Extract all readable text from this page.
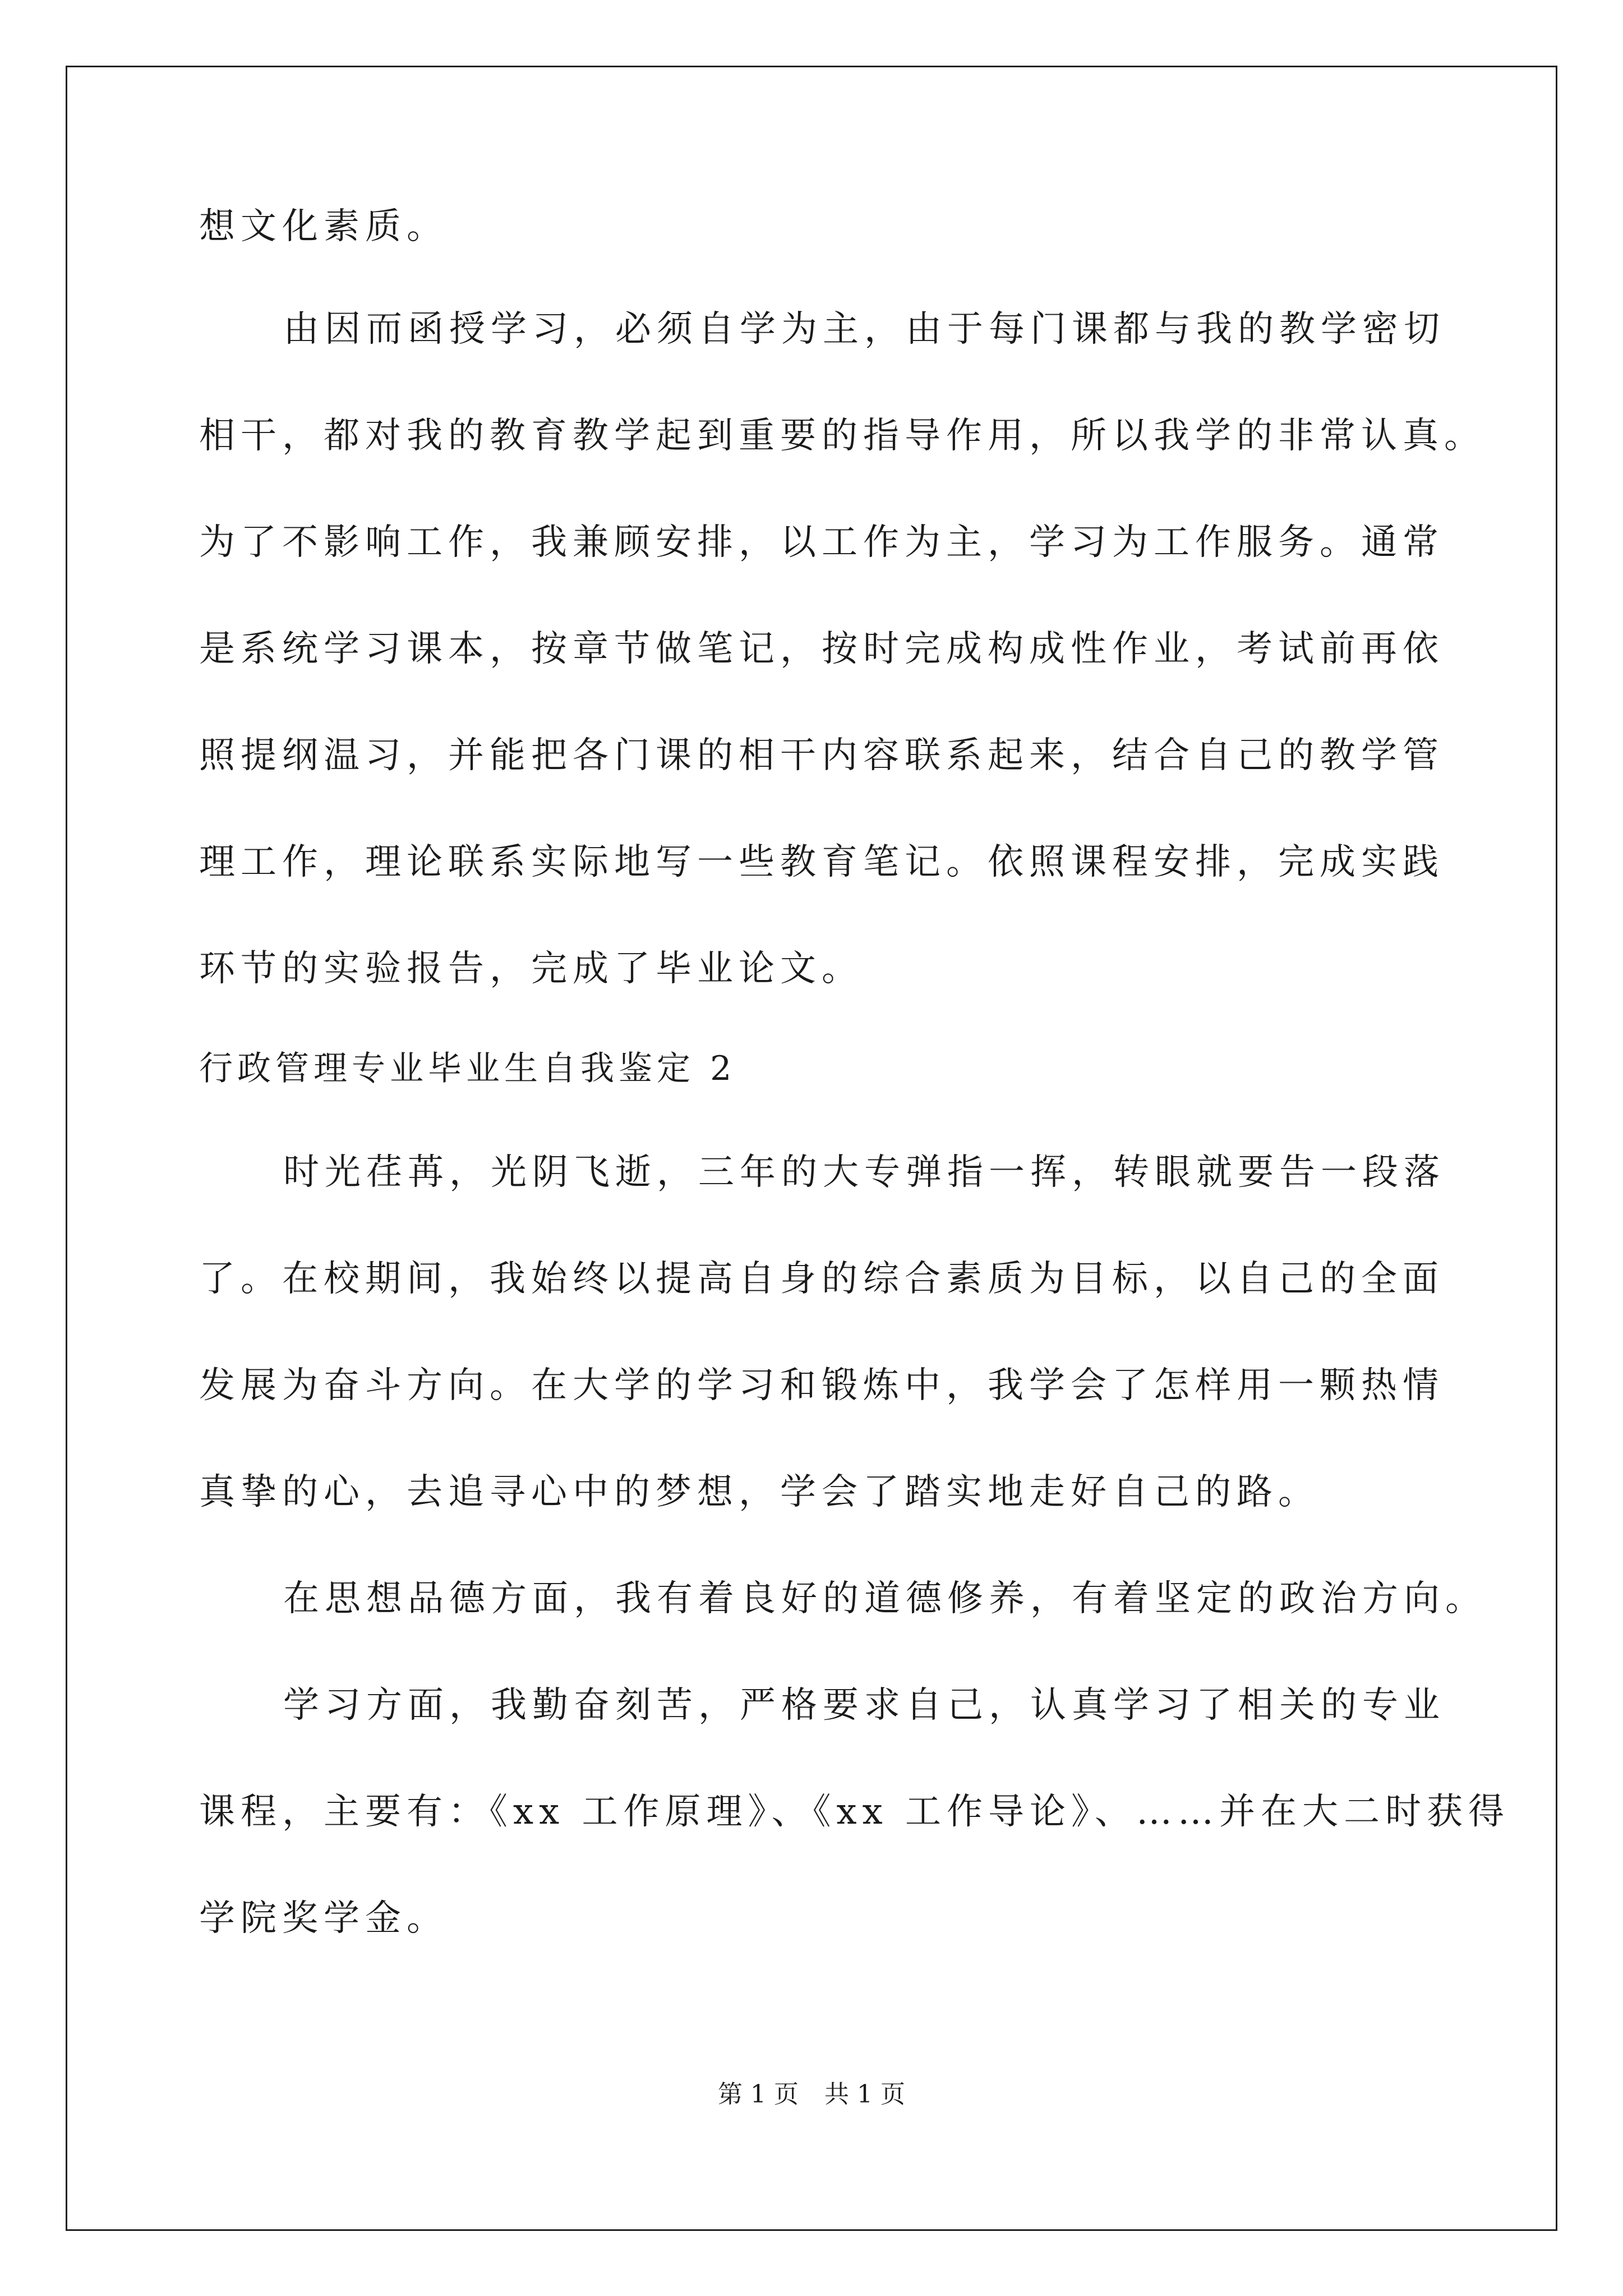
想文化素质。
由因而函授学习，必须自学为主，由于每门课都与我的教学密切
相干，都对我的教育教学起到重要的指导作用，所以我学的非常认真。
为了不影响工作，我兼顾安排，以工作为主，学习为工作服务。通常
是系统学习课本，按章节做笔记，按时完成构成性作业，考试前再依
照提纲温习，并能把各门课的相干内容联系起来，结合自己的教学管
理工作，理论联系实际地写一些教育笔记。依照课程安排，完成实践
环节的实验报告，完成了毕业论文。
行政管理专业毕业生自我鉴定 2
时光荏苒，光阴飞逝，三年的大专弹指一挥，转眼就要告一段落
了。在校期间，我始终以提高自身的综合素质为目标，以自己的全面
发展为奋斗方向。在大学的学习和锻炼中，我学会了怎样用一颗热情
真挚的心，去追寻心中的梦想，学会了踏实地走好自己的路。
在思想品德方面，我有着良好的道德修养，有着坚定的政治方向。
学习方面，我勤奋刻苦，严格要求自己，认真学习了相关的专业
课程，主要有：《xx 工作原理》、《xx 工作导论》、……并在大二时获得
学院奖学金。
第 1 页 共 1 页
